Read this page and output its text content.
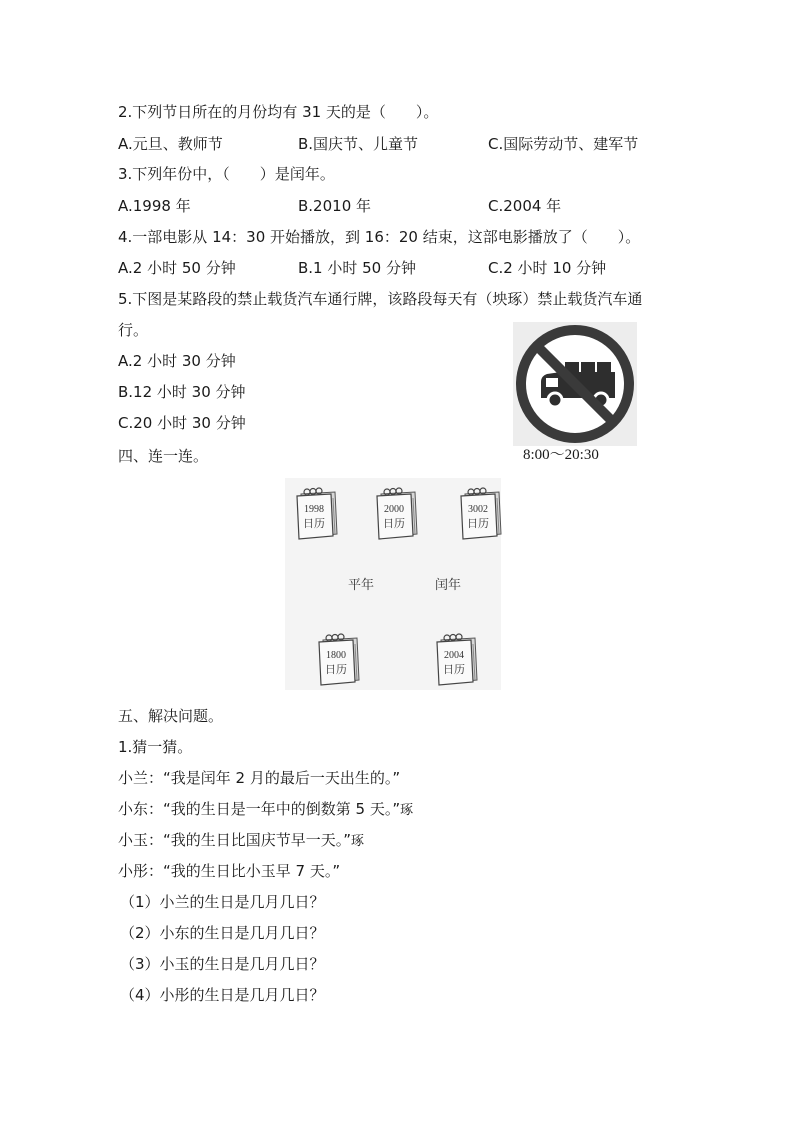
2.下列节日所在的月份均有 31 天的是（　　）。
A.元旦、教师节	B.国庆节、儿童节	C.国际劳动节、建军节
3.下列年份中，（　　）是闰年。
A.1998 年	B.2010 年	C.2004 年
4.一部电影从 14：30 开始播放，到 16：20 结束，这部电影播放了（　　）。
A.2 小时 50 分钟	B.1 小时 50 分钟	C.2 小时 10 分钟
5.下图是某路段的禁止载货汽车通行牌，该路段每天有（坱琢）禁止载货汽车通
行。
A.2 小时 30 分钟
B.12 小时 30 分钟
C.20 小时 30 分钟
8:00～20:30
四、连一连。
1998
日历
2000
日历
3002
日历
平年	闰年
1800
日历
2004
日历
五、解决问题。
1.猜一猜。
小兰：“我是闰年 2 月的最后一天出生的。”
小东：“我的生日是一年中的倒数第 5 天。”琢
小玉：“我的生日比国庆节早一天。”琢
小彤：“我的生日比小玉早 7 天。”
（1）小兰的生日是几月几日？
（2）小东的生日是几月几日？
（3）小玉的生日是几月几日？
（4）小彤的生日是几月几日？
